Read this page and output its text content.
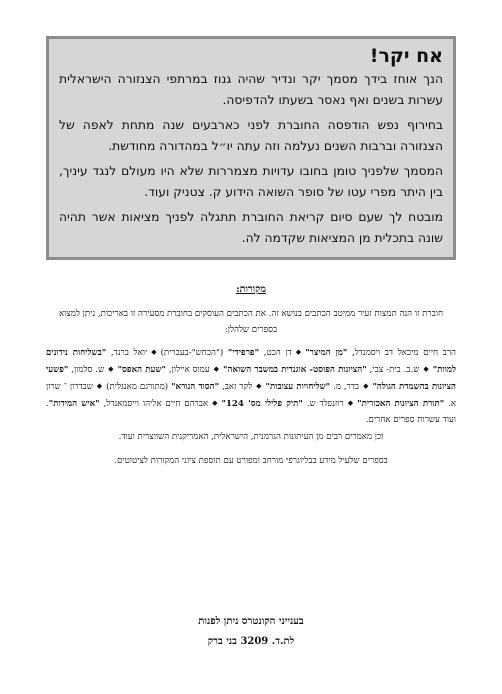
אח יקר!

הנך אוחז בידך מסמך יקר ונדיר שהיה גנוז במרתפי הצנזורה הישראלית עשרות בשנים ואף נאסר בשעתו להדפיסה.

בחירוף נפש הודפסה החוברת לפני כארבעים שנה מתחת לאפה של הצנזורה וברבות השנים נעלמה וזה עתה יו״ל במהדורה מחודשת.

המסמך שלפניך טומן בחובו עדויות מצמררות שלא היו מעולם לנגד עיניך, בין היתר מפרי עטו של סופר השואה הידוע ק. צטניק ועוד.

מובטח לך שעם סיום קריאת החוברת תתגלה לפניך מציאות אשר תהיה שונה בתכלית מן המציאות שקדמה לה.

מקורות:
חוברת זו הנה תמצות זעיר ממיטב הכתבים בנושא זה. את הכתבים העוסקים בחוברת מסעירה זו באריכות, ניתן למצוא בספרים שלהלן:
הרב חיים מיכאל דב ויסמנדל, "מן המיצר"◆דן הכט, "פרפידי" ("הכחש"-בעברית)◆יואל ברנד, "בשליחות נידונים למוות"◆ש.ב. בית- צבי, "הציונות הפוסט- אוגנדית במשבר השואה"◆עמוס איילון, "שעת האפס"◆ש. סלמון, "פשעי הציונות בהשמדת הגולה"◆בדר, מ. "שליחויות עצובות"◆לקר זאב, "הסוד הנורא" (מתורגם מאנגלית)◆שבדרון ־ שרון א. "תורת הציונות האכזרית"◆רוזנפלד ש. "תיק פלילי מס' 124"◆אברהם חיים אליהו וייסמאנדל, "איש המידות". ועוד עשרות ספרים אחרים.
וכן מאמרים רבים מן העיתונות הגרמנית, הישראלית, האמריקנית השווצרית ועוד.
בספרים שלעיל מידע בבליוגרפי מורחב ומפורט עם תוספת ציוני המקורות לציטוטים.
בענייני הקונטרס ניתן לפנות
לת.ד. 3209 בני ברק
